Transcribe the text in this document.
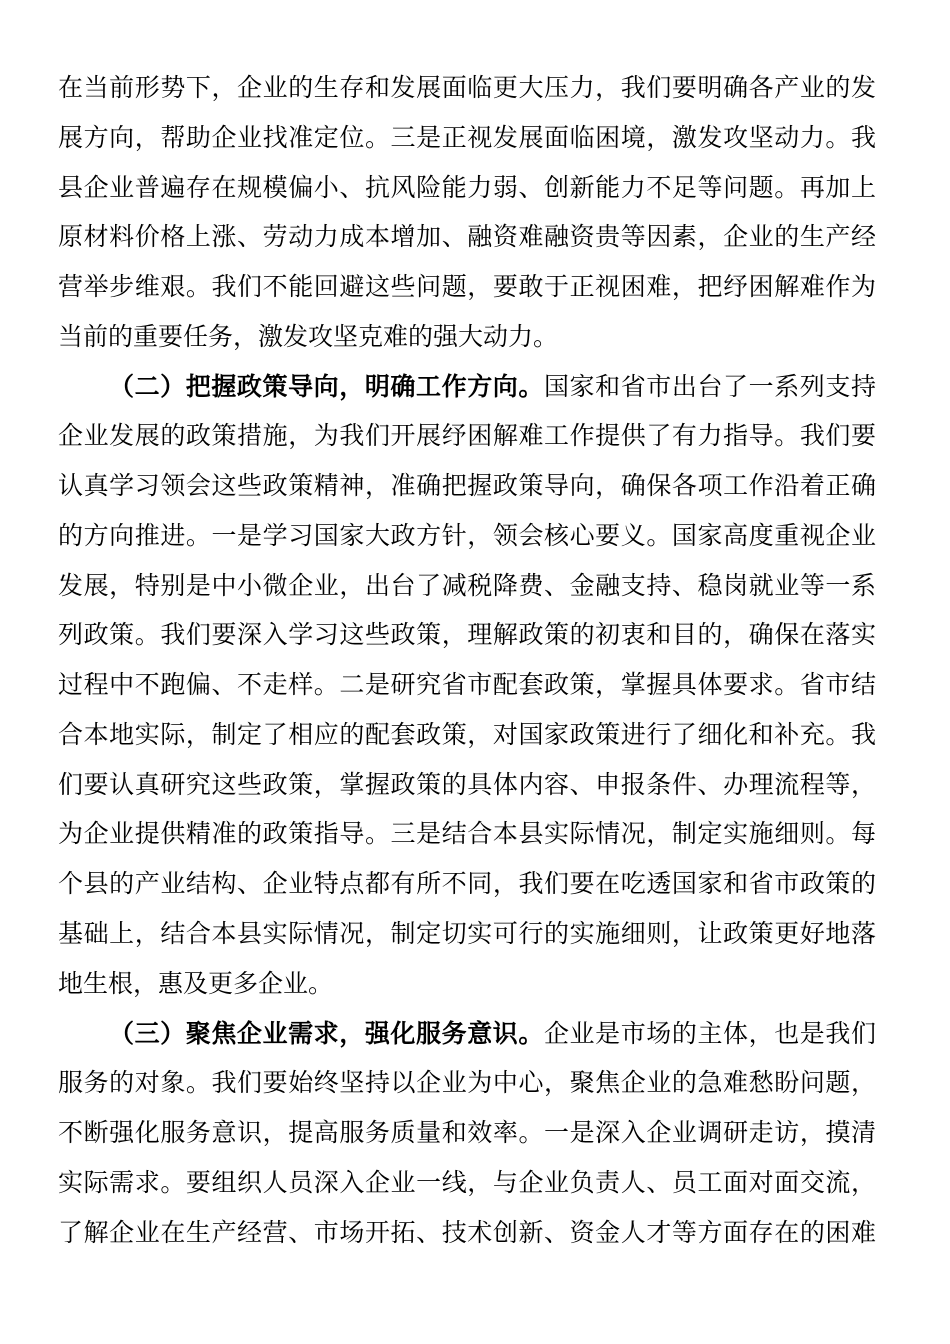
在当前形势下，企业的生存和发展面临更大压力，我们要明确各产业的发
展方向，帮助企业找准定位。三是正视发展面临困境，激发攻坚动力。我
县企业普遍存在规模偏小、抗风险能力弱、创新能力不足等问题。再加上
原材料价格上涨、劳动力成本增加、融资难融资贵等因素，企业的生产经
营举步维艰。我们不能回避这些问题，要敢于正视困难，把纾困解难作为
当前的重要任务，激发攻坚克难的强大动力。
（二）把握政策导向，明确工作方向。国家和省市出台了一系列支持
企业发展的政策措施，为我们开展纾困解难工作提供了有力指导。我们要
认真学习领会这些政策精神，准确把握政策导向，确保各项工作沿着正确
的方向推进。一是学习国家大政方针，领会核心要义。国家高度重视企业
发展，特别是中小微企业，出台了减税降费、金融支持、稳岗就业等一系
列政策。我们要深入学习这些政策，理解政策的初衷和目的，确保在落实
过程中不跑偏、不走样。二是研究省市配套政策，掌握具体要求。省市结
合本地实际，制定了相应的配套政策，对国家政策进行了细化和补充。我
们要认真研究这些政策，掌握政策的具体内容、申报条件、办理流程等，
为企业提供精准的政策指导。三是结合本县实际情况，制定实施细则。每
个县的产业结构、企业特点都有所不同，我们要在吃透国家和省市政策的
基础上，结合本县实际情况，制定切实可行的实施细则，让政策更好地落
地生根，惠及更多企业。
（三）聚焦企业需求，强化服务意识。企业是市场的主体，也是我们
服务的对象。我们要始终坚持以企业为中心，聚焦企业的急难愁盼问题，
不断强化服务意识，提高服务质量和效率。一是深入企业调研走访，摸清
实际需求。要组织人员深入企业一线，与企业负责人、员工面对面交流，
了解企业在生产经营、市场开拓、技术创新、资金人才等方面存在的困难
